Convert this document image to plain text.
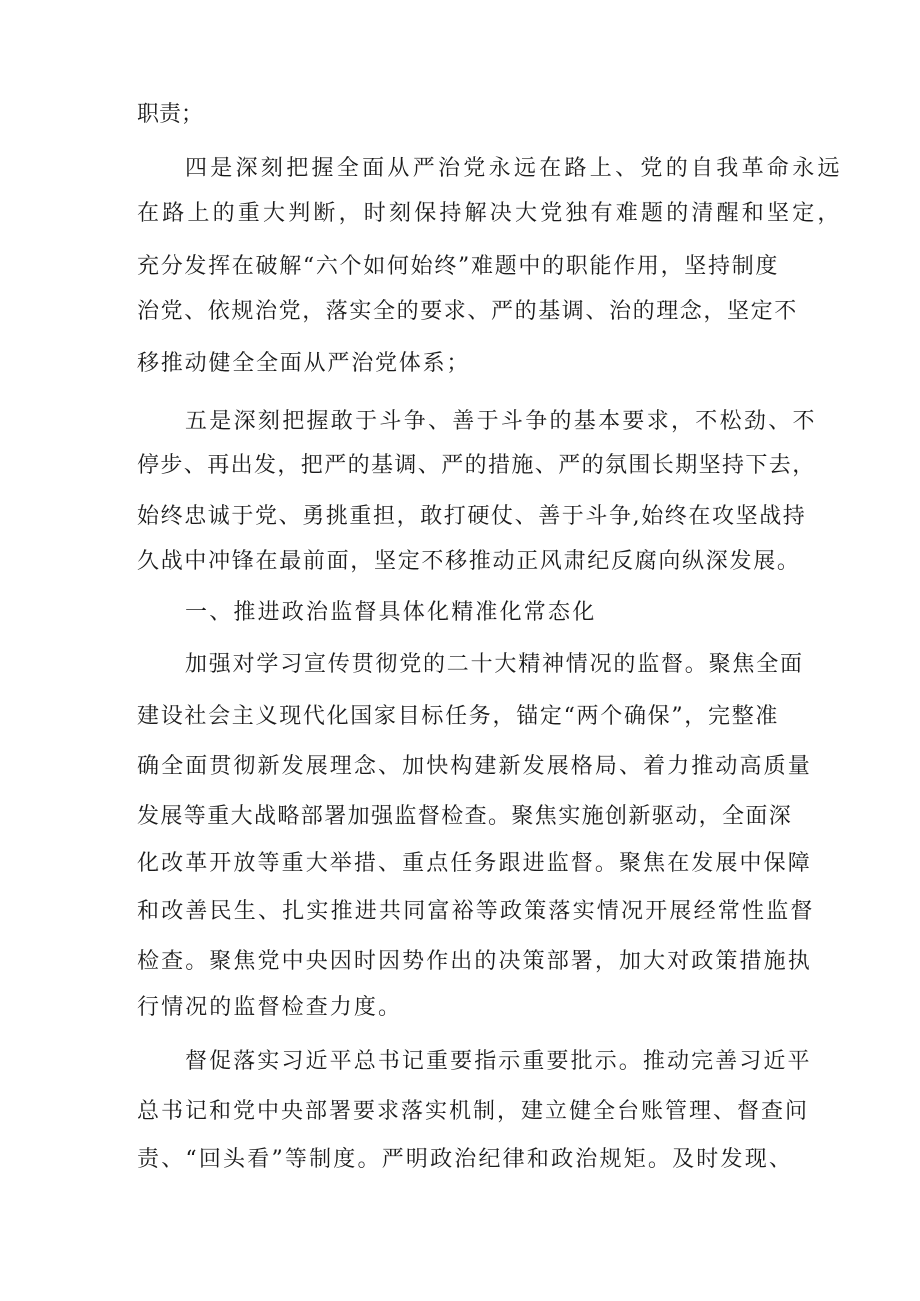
职责；
四是深刻把握全面从严治党永远在路上、党的自我革命永远
在路上的重大判断，时刻保持解决大党独有难题的清醒和坚定，
充分发挥在破解“六个如何始终”难题中的职能作用，坚持制度
治党、依规治党，落实全的要求、严的基调、治的理念，坚定不
移推动健全全面从严治党体系；
五是深刻把握敢于斗争、善于斗争的基本要求，不松劲、不
停步、再出发，把严的基调、严的措施、严的氛围长期坚持下去，
始终忠诚于党、勇挑重担，敢打硬仗、善于斗争,始终在攻坚战持
久战中冲锋在最前面，坚定不移推动正风肃纪反腐向纵深发展。
一、推进政治监督具体化精准化常态化
加强对学习宣传贯彻党的二十大精神情况的监督。聚焦全面
建设社会主义现代化国家目标任务，锚定“两个确保”，完整准
确全面贯彻新发展理念、加快构建新发展格局、着力推动高质量
发展等重大战略部署加强监督检查。聚焦实施创新驱动，全面深
化改革开放等重大举措、重点任务跟进监督。聚焦在发展中保障
和改善民生、扎实推进共同富裕等政策落实情况开展经常性监督
检查。聚焦党中央因时因势作出的决策部署，加大对政策措施执
行情况的监督检查力度。
督促落实习近平总书记重要指示重要批示。推动完善习近平
总书记和党中央部署要求落实机制，建立健全台账管理、督查问
责、“回头看”等制度。严明政治纪律和政治规矩。及时发现、
